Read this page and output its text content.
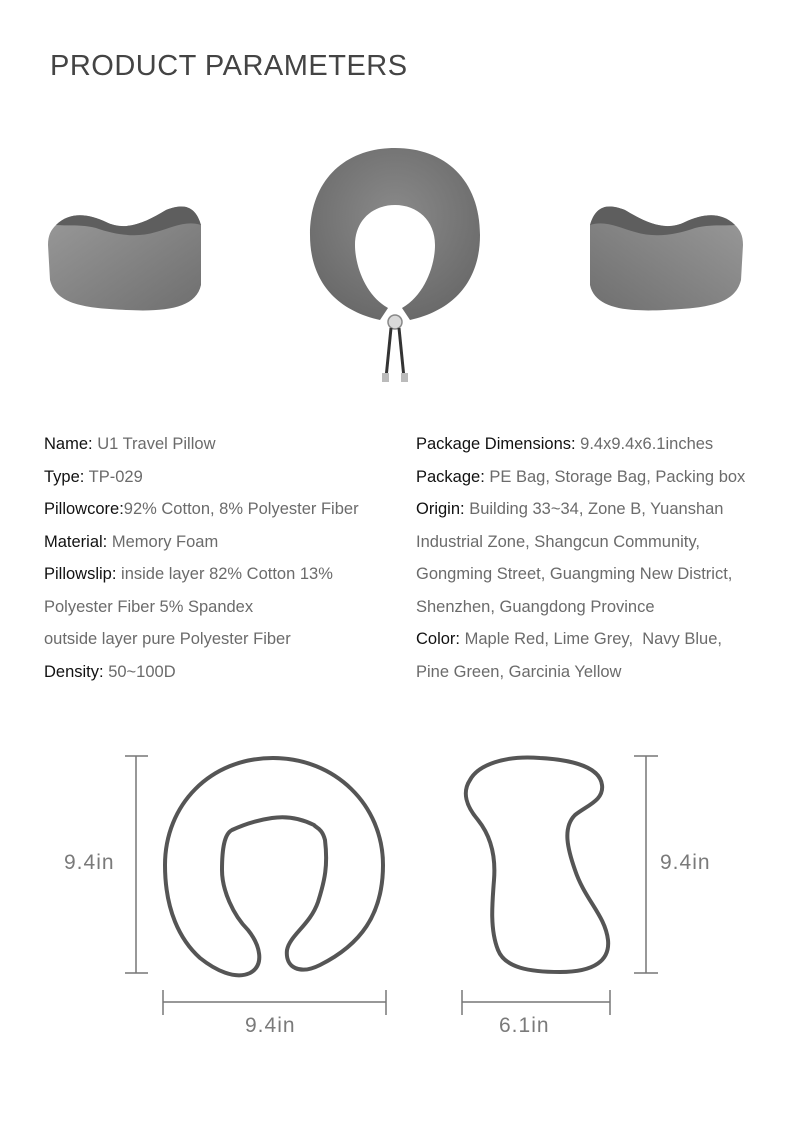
PRODUCT PARAMETERS
Name: U1 Travel Pillow
Type: TP-029
Pillowcore:92% Cotton, 8% Polyester Fiber
Material: Memory Foam
Pillowslip: inside layer 82% Cotton 13%
Polyester Fiber 5% Spandex
outside layer pure Polyester Fiber
Density: 50~100D
Package Dimensions: 9.4x9.4x6.1inches
Package: PE Bag, Storage Bag, Packing box
Origin: Building 33~34, Zone B, Yuanshan
Industrial Zone, Shangcun Community,
Gongming Street, Guangming New District,
Shenzhen, Guangdong Province
Color: Maple Red, Lime Grey,  Navy Blue,
Pine Green, Garcinia Yellow
9.4in
9.4in
9.4in
6.1in
